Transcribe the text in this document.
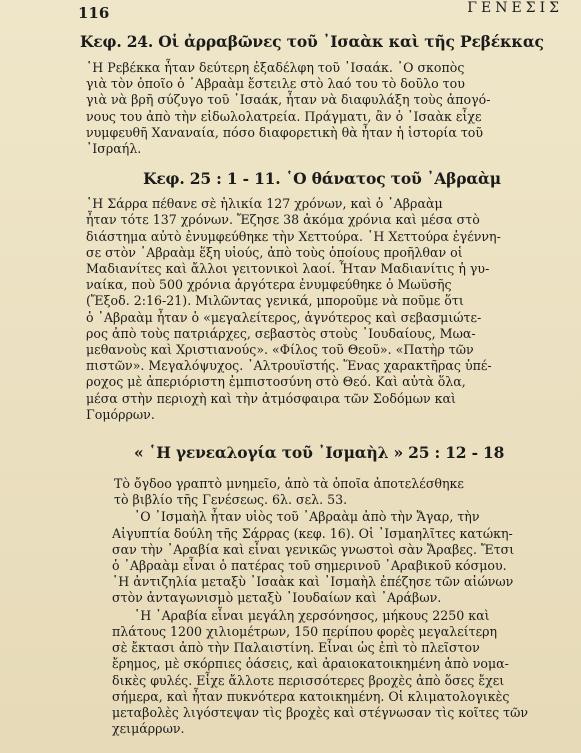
116	ΓΕΝΕΣΙΣ
Κεφ. 24. Οἱ ἀρραβῶνες τοῦ ᾿Ισαὰκ καὶ τῆς Ρεβέκκας
῾Η Ρεβέκκα ἦταν δεύτερη ἐξαδέλφη τοῦ ᾿Ισαάκ. ᾿Ο σκοπὸς
γιὰ τὸν ὁποῖο ὁ ᾿Αβραὰμ ἔστειλε στὸ λαό του τὸ δοῦλο του
γιὰ νὰ βρῆ σύζυγο τοῦ ᾿Ισαάκ, ἦταν νὰ διαφυλάξη τοὺς ἀπογό-
νους του ἀπὸ τὴν εἰδωλολατρεία. Πράγματι, ἂν ὁ ᾿Ισαὰκ εἶχε
νυμφευθῆ Χαναναία, πόσο διαφορετικὴ θὰ ἦταν ἡ ἱστορία τοῦ
᾿Ισραήλ.
Κεφ. 25 : 1 - 11. ῾Ο θάνατος τοῦ ᾿Αβραὰμ
῾Η Σάρρα πέθανε σὲ ἡλικία 127 χρόνων, καὶ ὁ ᾿Αβραὰμ
ἦταν τότε 137 χρόνων. Ἔζησε 38 ἀκόμα χρόνια καὶ μέσα στὸ
διάστημα αὐτὸ ἐνυμφεύθηκε τὴν Χεττούρα. ῾Η Χεττούρα ἐγέννη-
σε στὸν ᾿Αβραὰμ ἕξη υἱούς, ἀπὸ τοὺς ὁποίους προῆλθαν οἱ
Μαδιανίτες καὶ ἄλλοι γειτονικοὶ λαοί. Ἦταν Μαδιανίτις ἡ γυ-
ναίκα, ποὺ 500 χρόνια ἀργότερα ἐνυμφεύθηκε ὁ Μωϋσῆς
(Ἔξοδ. 2:16-21). Μιλῶντας γενικά, μποροῦμε νὰ ποῦμε ὅτι
ὁ ᾿Αβραὰμ ἦταν ὁ «μεγαλείτερος, ἁγνότερος καὶ σεβασμιώτε-
ρος ἀπὸ τοὺς πατριάρχες, σεβαστὸς στοὺς ᾿Ιουδαίους, Μωα-
μεθανοὺς καὶ Χριστιανούς». «Φίλος τοῦ Θεοῦ». «Πατὴρ τῶν
πιστῶν». Μεγαλόψυχος. ᾿Αλτρουϊστής. Ἕνας χαρακτῆρας ὑπέ-
ροχος μὲ ἀπεριόριστη ἐμπιστοσύνη στὸ Θεό. Καὶ αὐτὰ ὅλα,
μέσα στὴν περιοχὴ καὶ τὴν ἀτμόσφαιρα τῶν Σοδόμων καὶ
Γομόρρων.
« ῾Η γενεαλογία τοῦ ᾿Ισμαὴλ » 25 : 12 - 18
Τὸ ὄγδοο γραπτὸ μνημεῖο, ἀπὸ τὰ ὁποῖα ἀποτελέσθηκε
τὸ βιβλίο τῆς Γενέσεως. 6λ. σελ. 53.
᾿Ο ᾿Ισμαὴλ ἦταν υἱὸς τοῦ ᾿Αβραὰμ ἀπὸ τὴν Ἄγαρ, τὴν
Αἰγυπτία δούλη τῆς Σάρρας (κεφ. 16). Οἱ ᾿Ισμαηλῖτες κατώκη-
σαν τὴν ᾿Αραβία καὶ εἶναι γενικῶς γνωστοὶ σὰν Ἄραβες. Ἔτσι
ὁ ᾿Αβραὰμ εἶναι ὁ πατέρας τοῦ σημερινοῦ ᾿Αραβικοῦ κόσμου.
῾Η ἀντιζηλία μεταξὺ ᾿Ισαὰκ καὶ ᾿Ισμαὴλ ἐπέζησε τῶν αἰώνων
στὸν ἀνταγωνισμὸ μεταξὺ ᾿Ιουδαίων καὶ ᾿Αράβων.
῾Η ᾿Αραβία εἶναι μεγάλη χερσόνησος, μήκους 2250 καὶ
πλάτους 1200 χιλιομέτρων, 150 περίπου φορὲς μεγαλείτερη
σὲ ἔκτασι ἀπὸ τὴν Παλαιστίνη. Εἶναι ὡς ἐπὶ τὸ πλεῖστον
ἔρημος, μὲ σκόρπιες ὀάσεις, καὶ ἀραιοκατοικημένη ἀπὸ νομα-
δικὲς φυλές. Εἶχε ἄλλοτε περισσότερες βροχὲς ἀπὸ ὅσες ἔχει
σήμερα, καὶ ἦταν πυκνότερα κατοικημένη. Οἱ κλιματολογικὲς
μεταβολὲς λιγόστεψαν τὶς βροχὲς καὶ στέγνωσαν τὶς κοῖτες τῶν
χειμάρρων.
